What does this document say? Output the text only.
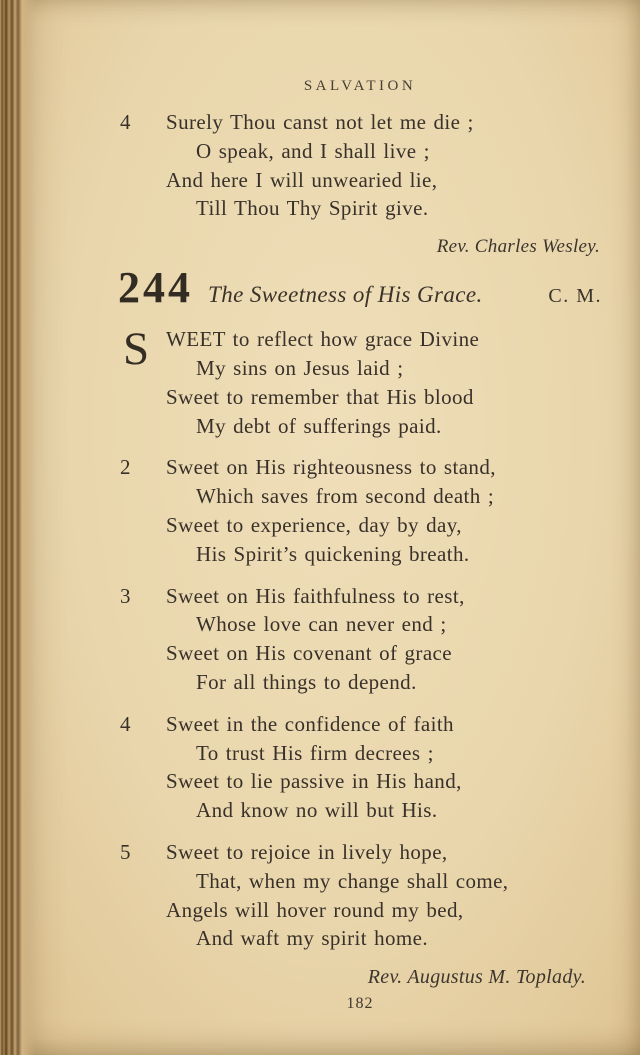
SALVATION
4 Surely Thou canst not let me die ;
O speak, and I shall live ;
And here I will unwearied lie,
Till Thou Thy Spirit give.
Rev. Charles Wesley.
244 The Sweetness of His Grace.	C. M.
S WEET to reflect how grace Divine
My sins on Jesus laid ;
Sweet to remember that His blood
My debt of sufferings paid.
2 Sweet on His righteousness to stand,
Which saves from second death ;
Sweet to experience, day by day,
His Spirit’s quickening breath.
3 Sweet on His faithfulness to rest,
Whose love can never end ;
Sweet on His covenant of grace
For all things to depend.
4 Sweet in the confidence of faith
To trust His firm decrees ;
Sweet to lie passive in His hand,
And know no will but His.
5 Sweet to rejoice in lively hope,
That, when my change shall come,
Angels will hover round my bed,
And waft my spirit home.
Rev. Augustus M. Toplady.
182
